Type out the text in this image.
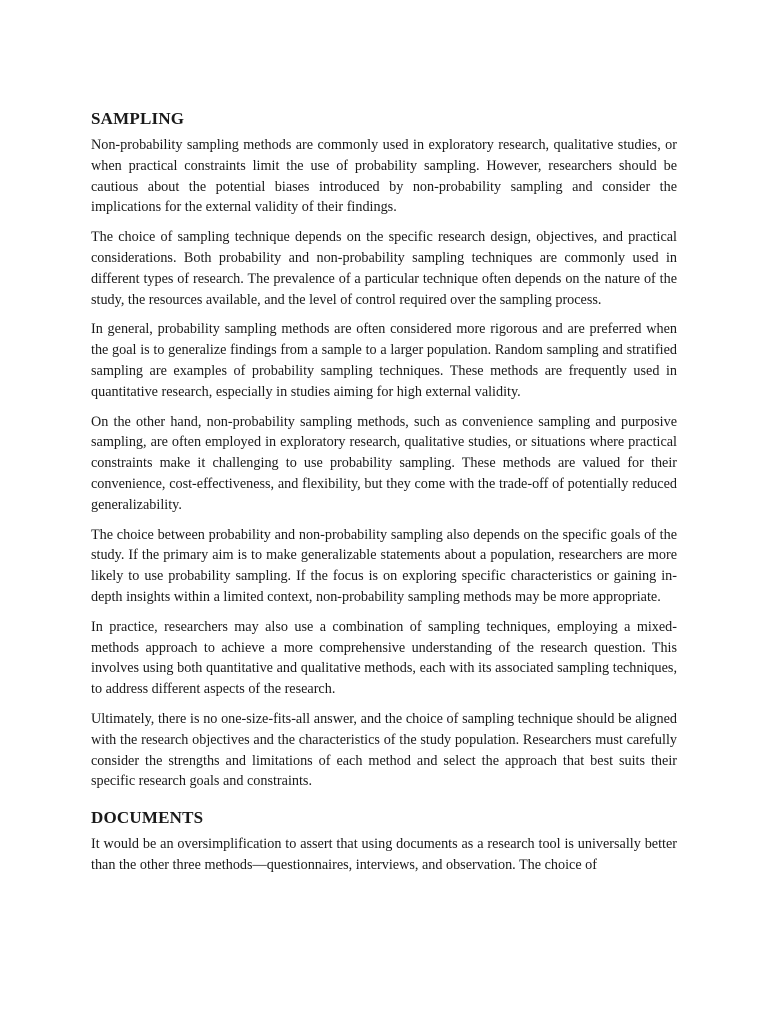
SAMPLING

Non-probability sampling methods are commonly used in exploratory research, qualitative studies, or when practical constraints limit the use of probability sampling. However, researchers should be cautious about the potential biases introduced by non-probability sampling and consider the implications for the external validity of their findings.

The choice of sampling technique depends on the specific research design, objectives, and practical considerations. Both probability and non-probability sampling techniques are commonly used in different types of research. The prevalence of a particular technique often depends on the nature of the study, the resources available, and the level of control required over the sampling process.

In general, probability sampling methods are often considered more rigorous and are preferred when the goal is to generalize findings from a sample to a larger population. Random sampling and stratified sampling are examples of probability sampling techniques. These methods are frequently used in quantitative research, especially in studies aiming for high external validity.

On the other hand, non-probability sampling methods, such as convenience sampling and purposive sampling, are often employed in exploratory research, qualitative studies, or situations where practical constraints make it challenging to use probability sampling. These methods are valued for their convenience, cost-effectiveness, and flexibility, but they come with the trade-off of potentially reduced generalizability.

The choice between probability and non-probability sampling also depends on the specific goals of the study. If the primary aim is to make generalizable statements about a population, researchers are more likely to use probability sampling. If the focus is on exploring specific characteristics or gaining in-depth insights within a limited context, non-probability sampling methods may be more appropriate.

In practice, researchers may also use a combination of sampling techniques, employing a mixed-methods approach to achieve a more comprehensive understanding of the research question. This involves using both quantitative and qualitative methods, each with its associated sampling techniques, to address different aspects of the research.

Ultimately, there is no one-size-fits-all answer, and the choice of sampling technique should be aligned with the research objectives and the characteristics of the study population. Researchers must carefully consider the strengths and limitations of each method and select the approach that best suits their specific research goals and constraints.

DOCUMENTS

It would be an oversimplification to assert that using documents as a research tool is universally better than the other three methods—questionnaires, interviews, and observation. The choice of
